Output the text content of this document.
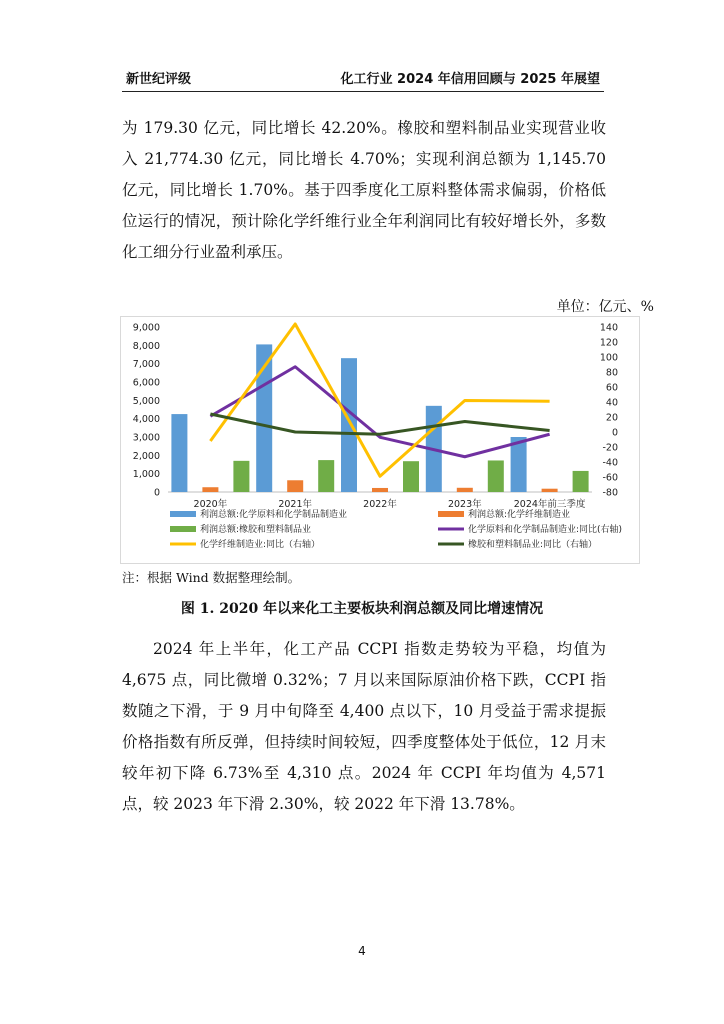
新世纪评级	化工行业 2024 年信用回顾与 2025 年展望

为 179.30 亿元，同比增长 42.20%。橡胶和塑料制品业实现营业收入 21,774.30 亿元，同比增长 4.70%；实现利润总额为 1,145.70 亿元，同比增长 1.70%。基于四季度化工原料整体需求偏弱，价格低位运行的情况，预计除化学纤维行业全年利润同比有较好增长外，多数化工细分行业盈利承压。

单位：亿元、%
0
1,000
2,000
3,000
4,000
5,000
6,000
7,000
8,000
9,000
-80
-60
-40
-20
0
20
40
60
80
100
120
140
2020年	2021年	2022年	2023年	2024年前三季度
利润总额:化学原料和化学制品制造业	利润总额:化学纤维制造业
利润总额:橡胶和塑料制品业	化学原料和化学制品制造业:同比(右轴)
化学纤维制造业:同比（右轴）	橡胶和塑料制品业:同比（右轴）
注：根据 Wind 数据整理绘制。
图 1. 2020 年以来化工主要板块利润总额及同比增速情况

2024 年上半年，化工产品 CCPI 指数走势较为平稳，均值为 4,675 点，同比微增 0.32%；7 月以来国际原油价格下跌，CCPI 指数随之下滑，于 9 月中旬降至 4,400 点以下，10 月受益于需求提振价格指数有所反弹，但持续时间较短，四季度整体处于低位，12 月末较年初下降 6.73%至 4,310 点。2024 年 CCPI 年均值为 4,571 点，较 2023 年下滑 2.30%，较 2022 年下滑 13.78%。

4
